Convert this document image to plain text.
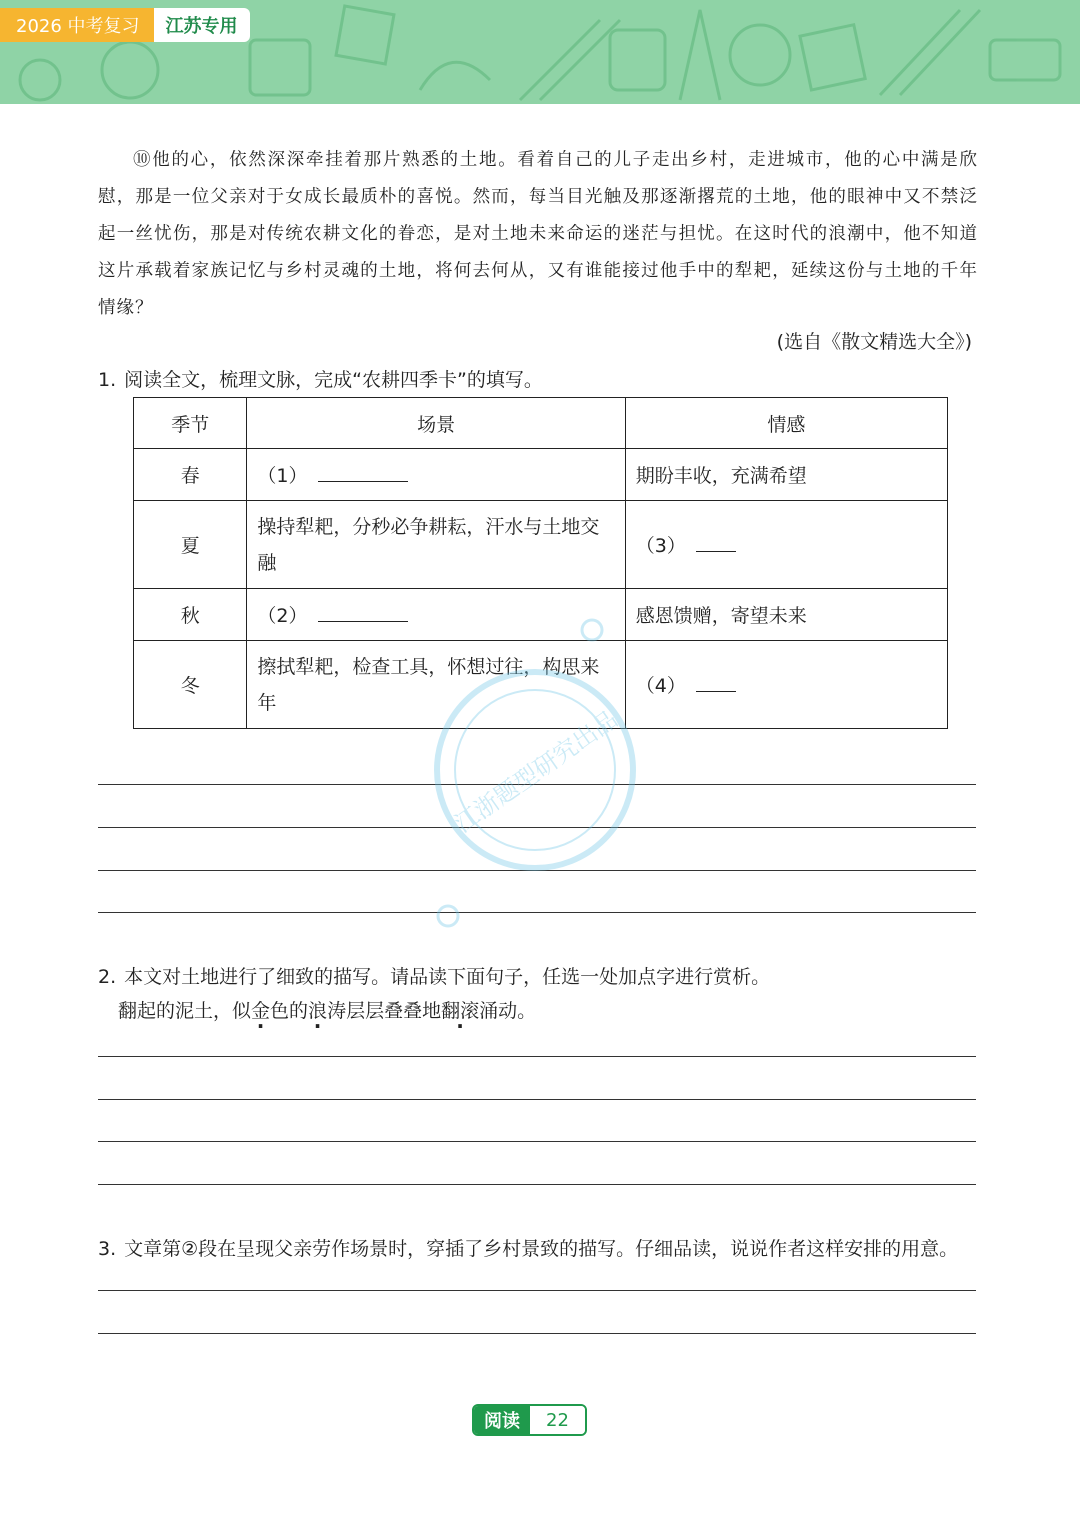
2026 中考复习	江苏专用

⑩他的心，依然深深牵挂着那片熟悉的土地。看着自己的儿子走出乡村，走进城市，他的心中满是欣慰，那是一位父亲对于女成长最质朴的喜悦。然而，每当目光触及那逐渐撂荒的土地，他的眼神中又不禁泛起一丝忧伤，那是对传统农耕文化的眷恋，是对土地未来命运的迷茫与担忧。在这时代的浪潮中，他不知道这片承载着家族记忆与乡村灵魂的土地，将何去何从，又有谁能接过他手中的犁耙，延续这份与土地的千年情缘？

(选自《散文精选大全》)
1. 阅读全文，梳理文脉，完成“农耕四季卡”的填写。
季节	场景	情感
春	（1）	期盼丰收，充满希望
夏	操持犁耙，分秒必争耕耘，汗水与土地交融	（3）
秋	（2）	感恩馈赠，寄望未来
冬	擦拭犁耙，检查工具，怀想过往，构思来年	（4）
2. 本文对土地进行了细致的描写。请品读下面句子，任选一处加点字进行赏析。
翻起的泥土，似金色的浪涛层层叠叠地翻滚涌动。
3. 文章第②段在呈现父亲劳作场景时，穿插了乡村景致的描写。仔细品读，说说作者这样安排的用意。
江浙题型研究出品
阅读	22
